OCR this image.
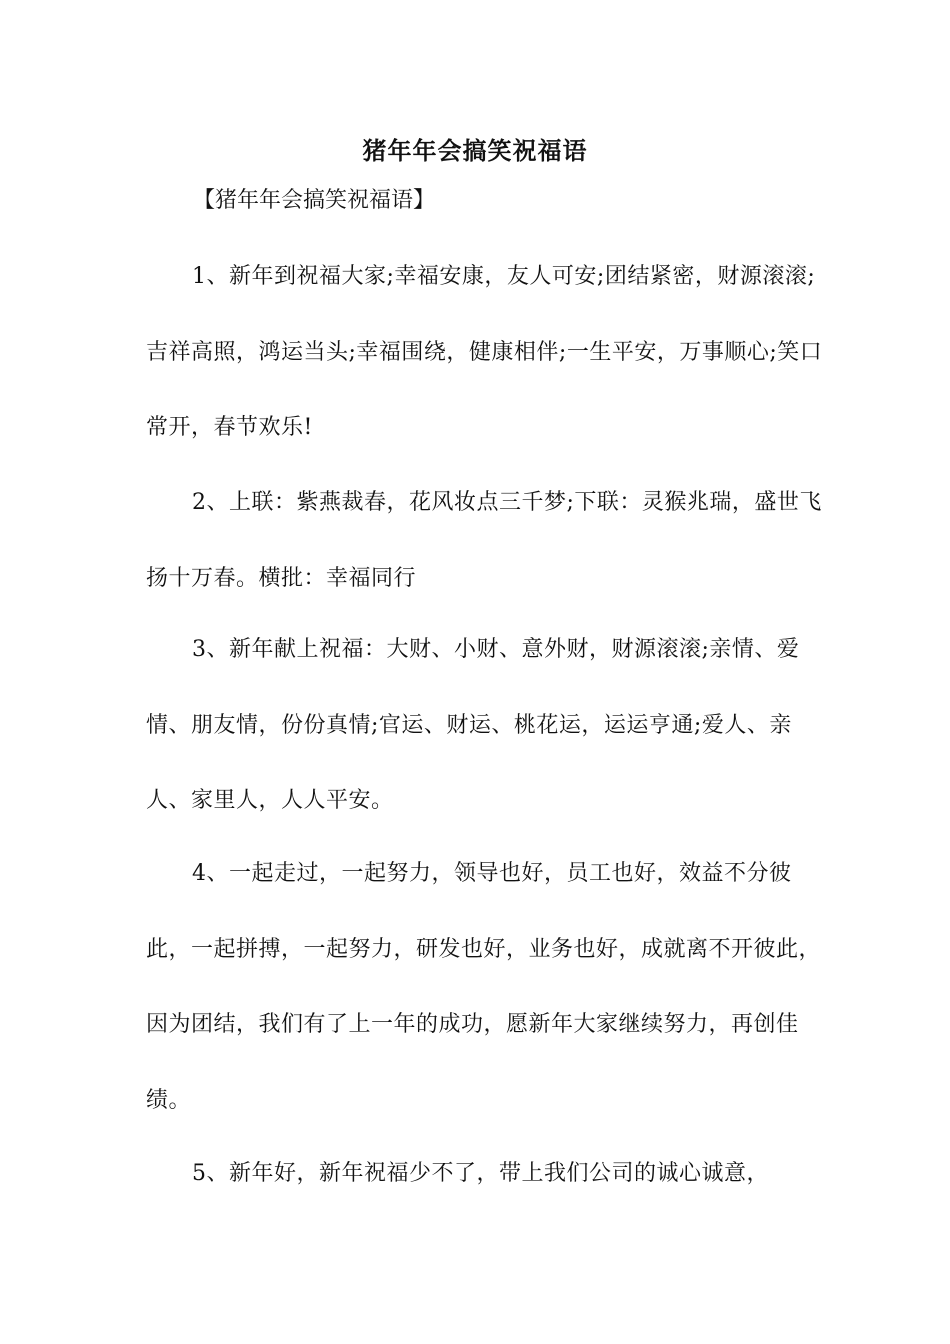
猪年年会搞笑祝福语
【猪年年会搞笑祝福语】

1、新年到祝福大家;幸福安康，友人可安;团结紧密，财源滚滚;吉祥高照，鸿运当头;幸福围绕，健康相伴;一生平安，万事顺心;笑口常开，春节欢乐!

2、上联：紫燕裁春，花风妆点三千梦;下联：灵猴兆瑞，盛世飞扬十万春。横批：幸福同行

3、新年献上祝福：大财、小财、意外财，财源滚滚;亲情、爱情、朋友情，份份真情;官运、财运、桃花运，运运亨通;爱人、亲人、家里人，人人平安。

4、一起走过，一起努力，领导也好，员工也好，效益不分彼此，一起拼搏，一起努力，研发也好，业务也好，成就离不开彼此，因为团结，我们有了上一年的成功，愿新年大家继续努力，再创佳绩。

5、新年好，新年祝福少不了，带上我们公司的诚心诚意，
